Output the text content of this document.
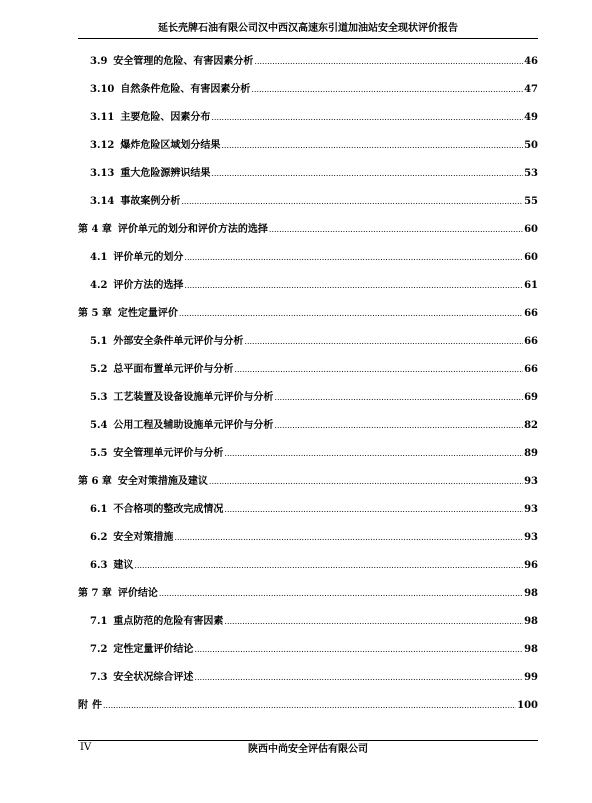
延长壳牌石油有限公司汉中西汉高速东引道加油站安全现状评价报告
3.9 安全管理的危险、有害因素分析 .....	46
3.10 自然条件危险、有害因素分析 .....	47
3.11 主要危险、因素分布 .....	49
3.12 爆炸危险区域划分结果 .....	50
3.13 重大危险源辨识结果 .....	53
3.14 事故案例分析 .....	55
第 4 章 评价单元的划分和评价方法的选择 .....	60
4.1 评价单元的划分 .....	60
4.2 评价方法的选择 .....	61
第 5 章 定性定量评价 .....	66
5.1 外部安全条件单元评价与分析 .....	66
5.2 总平面布置单元评价与分析 .....	66
5.3 工艺装置及设备设施单元评价与分析 .....	69
5.4 公用工程及辅助设施单元评价与分析 .....	82
5.5 安全管理单元评价与分析 .....	89
第 6 章 安全对策措施及建议 .....	93
6.1 不合格项的整改完成情况 .....	93
6.2 安全对策措施 .....	93
6.3 建议 .....	96
第 7 章 评价结论 .....	98
7.1 重点防范的危险有害因素 .....	98
7.2 定性定量评价结论 .....	98
7.3 安全状况综合评述 .....	99
附 件 .....	100
IV	陕西中尚安全评估有限公司
